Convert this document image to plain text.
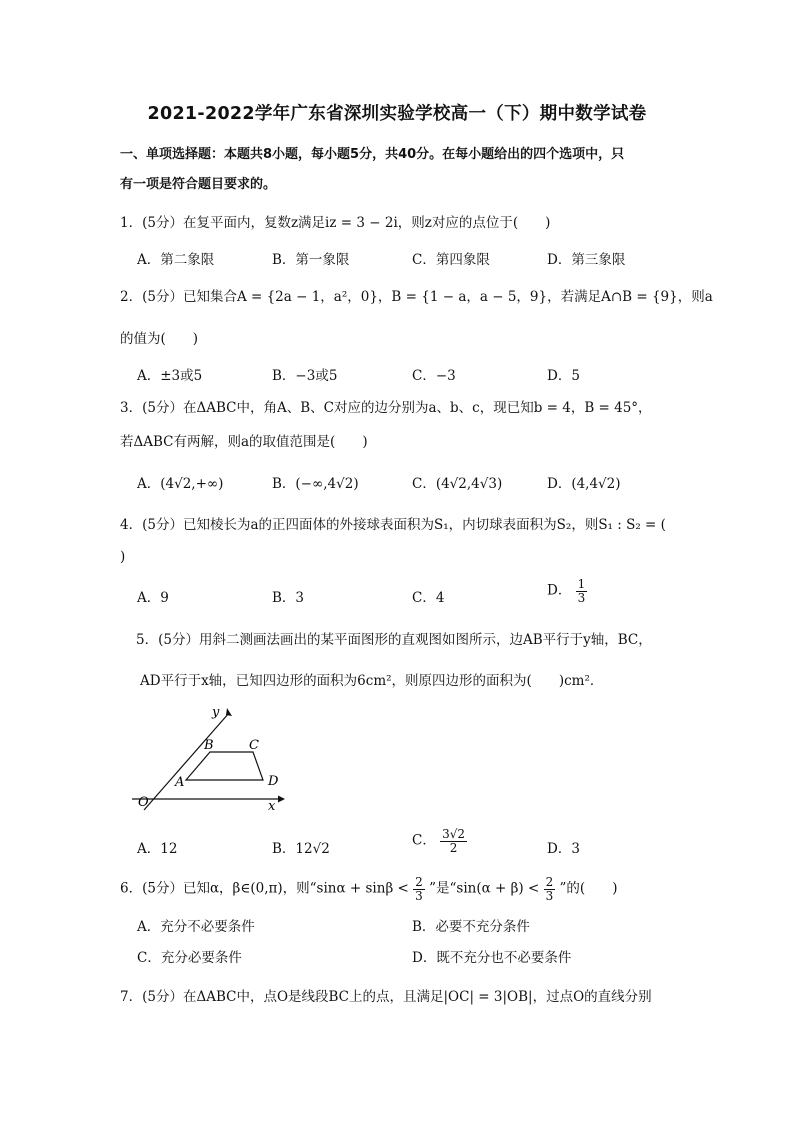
2021-2022学年广东省深圳实验学校高一（下）期中数学试卷
一、单项选择题：本题共8小题，每小题5分，共40分。在每小题给出的四个选项中，只
有一项是符合题目要求的。
1．(5分）在复平面内，复数z满足iz = 3 − 2i，则z对应的点位于(　　)
A．第二象限	B．第一象限	C．第四象限	D．第三象限
2．(5分）已知集合A = {2a − 1，a²，0}，B = {1 − a，a − 5，9}，若满足A∩B = {9}，则a
的值为(　　)
A．±3或5	B．−3或5	C．−3	D．5
3．(5分）在ΔABC中，角A、B、C对应的边分别为a、b、c，现已知b = 4，B = 45°，
若ΔABC有两解，则a的取值范围是(　　)
A．(4√2,+∞)	B．(−∞,4√2)	C．(4√2,4√3)	D．(4,4√2)
4．(5分）已知棱长为a的正四面体的外接球表面积为S₁，内切球表面积为S₂，则S₁ : S₂ = (
)
A．9	B．3	C．4	D． $\frac{1}{3}$
5．(5分）用斜二测画法画出的某平面图形的直观图如图所示，边AB平行于y轴，BC，
AD平行于x轴，已知四边形的面积为6cm²，则原四边形的面积为(　　)cm²．
y
x
O
A
B	C
D
A．12	B．12√2
C． $\frac{3√2}{2}$	D．3
6．(5分）已知α，β∈(0,π)，则“$\sin\alpha + \sin\beta < \frac{2}{3}$ ”是“$\sin(\alpha + \beta) < \frac{2}{3}$ ”的(　　)
A．充分不必要条件	B．必要不充分条件
C．充分必要条件	D．既不充分也不必要条件
7．(5分）在ΔABC中，点O是线段BC上的点，且满足|OC| = 3|OB|，过点O的直线分别
